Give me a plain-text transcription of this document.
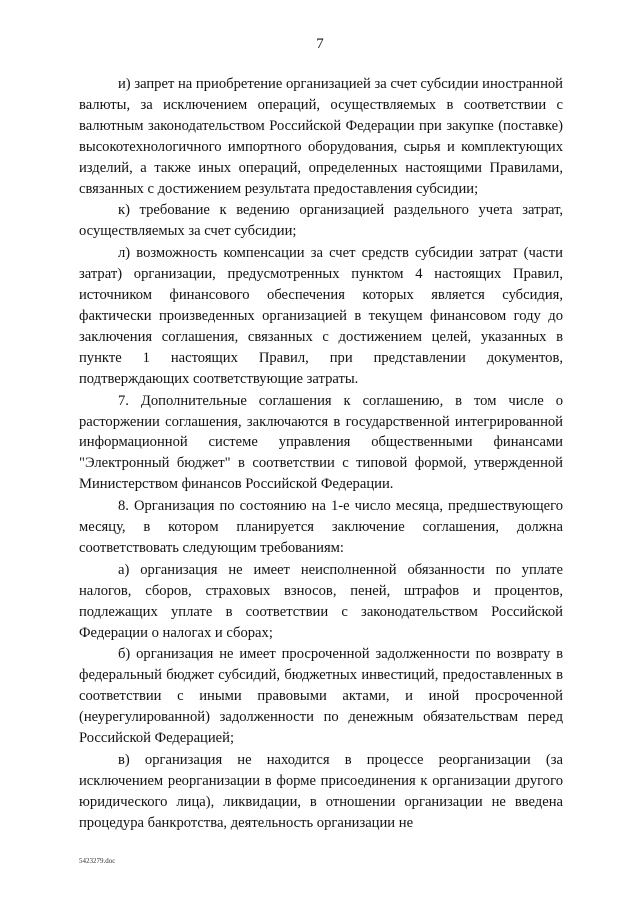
7

и) запрет на приобретение организацией за счет субсидии иностранной валюты, за исключением операций, осуществляемых в соответствии с валютным законодательством Российской Федерации при закупке (поставке) высокотехнологичного импортного оборудования, сырья и комплектующих изделий, а также иных операций, определенных настоящими Правилами, связанных с достижением результата предоставления субсидии;

к) требование к ведению организацией раздельного учета затрат, осуществляемых за счет субсидии;

л) возможность компенсации за счет средств субсидии затрат (части затрат) организации, предусмотренных пунктом 4 настоящих Правил, источником финансового обеспечения которых является субсидия, фактически произведенных организацией в текущем финансовом году до заключения соглашения, связанных с достижением целей, указанных в пункте 1 настоящих Правил, при представлении документов, подтверждающих соответствующие затраты.

7. Дополнительные соглашения к соглашению, в том числе о расторжении соглашения, заключаются в государственной интегрированной информационной системе управления общественными финансами "Электронный бюджет" в соответствии с типовой формой, утвержденной Министерством финансов Российской Федерации.

8. Организация по состоянию на 1-е число месяца, предшествующего месяцу, в котором планируется заключение соглашения, должна соответствовать следующим требованиям:

а) организация не имеет неисполненной обязанности по уплате налогов, сборов, страховых взносов, пеней, штрафов и процентов, подлежащих уплате в соответствии с законодательством Российской Федерации о налогах и сборах;

б) организация не имеет просроченной задолженности по возврату в федеральный бюджет субсидий, бюджетных инвестиций, предоставленных в соответствии с иными правовыми актами, и иной просроченной (неурегулированной) задолженности по денежным обязательствам перед Российской Федерацией;

в) организация не находится в процессе реорганизации (за исключением реорганизации в форме присоединения к организации другого юридического лица), ликвидации, в отношении организации не введена процедура банкротства, деятельность организации не

5423279.doc
